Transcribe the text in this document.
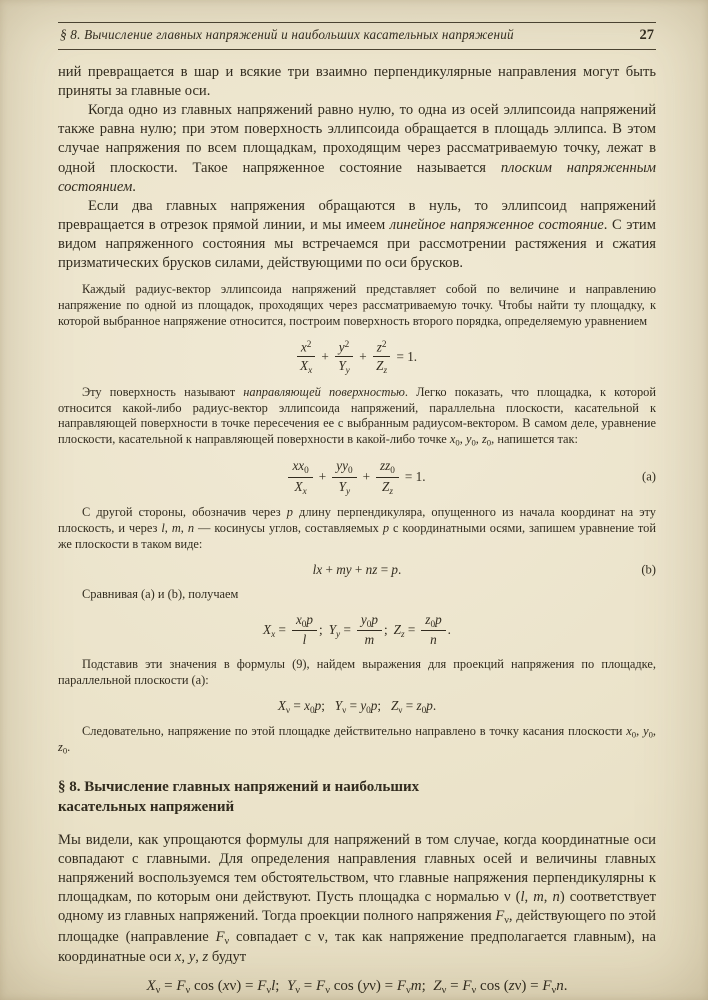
§ 8. Вычисление главных напряжений и наибольших касательных напряжений	27

ний превращается в шар и всякие три взаимно перпендикулярные направления могут быть приняты за главные оси.

Когда одно из главных напряжений равно нулю, то одна из осей эллипсоида напряжений также равна нулю; при этом поверхность эллипсоида обращается в площадь эллипса. В этом случае напряжения по всем площадкам, проходящим через рассматриваемую точку, лежат в одной плоскости. Такое напряженное состояние называется плоским напряженным состоянием.

Если два главных напряжения обращаются в нуль, то эллипсоид напряжений превращается в отрезок прямой линии, и мы имеем линейное напряженное состояние. С этим видом напряженного состояния мы встречаемся при рассмотрении растяжения и сжатия призматических брусков силами, действующими по оси брусков.

Каждый радиус-вектор эллипсоида напряжений представляет собой по величине и направлению напряжение по одной из площадок, проходящих через рассматриваемую точку. Чтобы найти ту площадку, к которой выбранное напряжение относится, построим поверхность второго порядка, определяемую уравнением

$\frac{x^2}{X_x} + \frac{y^2}{Y_y} + \frac{z^2}{Z_z} = 1$.

Эту поверхность называют направляющей поверхностью. Легко показать, что площадка, к которой относится какой-либо радиус-вектор эллипсоида напряжений, параллельна плоскости, касательной к направляющей поверхности в точке пересечения ее с выбранным радиусом-вектором. В самом деле, уравнение плоскости, касательной к направляющей поверхности в какой-либо точке $x_0$, $y_0$, $z_0$, напишется так:

$\frac{xx_0}{X_x} + \frac{yy_0}{Y_y} + \frac{zz_0}{Z_z} = 1$.	(a)

С другой стороны, обозначив через p длину перпендикуляра, опущенного из начала координат на эту плоскость, и через l, m, n — косинусы углов, составляемых p с координатными осями, запишем уравнение той же плоскости в таком виде:

lx + my + nz = p.	(b)

Сравнивая (a) и (b), получаем

$X_x = \frac{x_0p}{l}$ ; $Y_y = \frac{y_0p}{m}$ ; $Z_z = \frac{z_0p}{n}$ .

Подставив эти значения в формулы (9), найдем выражения для проекций напряжения по площадке, параллельной плоскости (a):

$X_\nu = x_0p$;   $Y_\nu = y_0p$;   $Z_\nu = z_0p$.

Следовательно, напряжение по этой площадке действительно направлено в точку касания плоскости $x_0$, $y_0$, $z_0$.

§ 8. Вычисление главных напряжений и наибольших
касательных напряжений

Мы видели, как упрощаются формулы для напряжений в том случае, когда координатные оси совпадают с главными. Для определения направления главных осей и величины главных напряжений воспользуемся тем обстоятельством, что главные напряжения перпендикулярны к площадкам, по которым они действуют. Пусть площадка с нормалью ν (l, m, n) соответствует одному из главных напряжений. Тогда проекции полного напряжения $F_\nu$, действующего по этой площадке (направление $F_\nu$ совпадает с ν, так как напряжение предполагается главным), на координатные оси x, y, z будут

$X_\nu = F_\nu$ $\cos (x\nu) = F_\nu l$;  $Y_\nu = F_\nu$ $\cos (y\nu) = F_\nu m$;  $Z_\nu = F_\nu$ $\cos (z\nu) = F_\nu n$.
